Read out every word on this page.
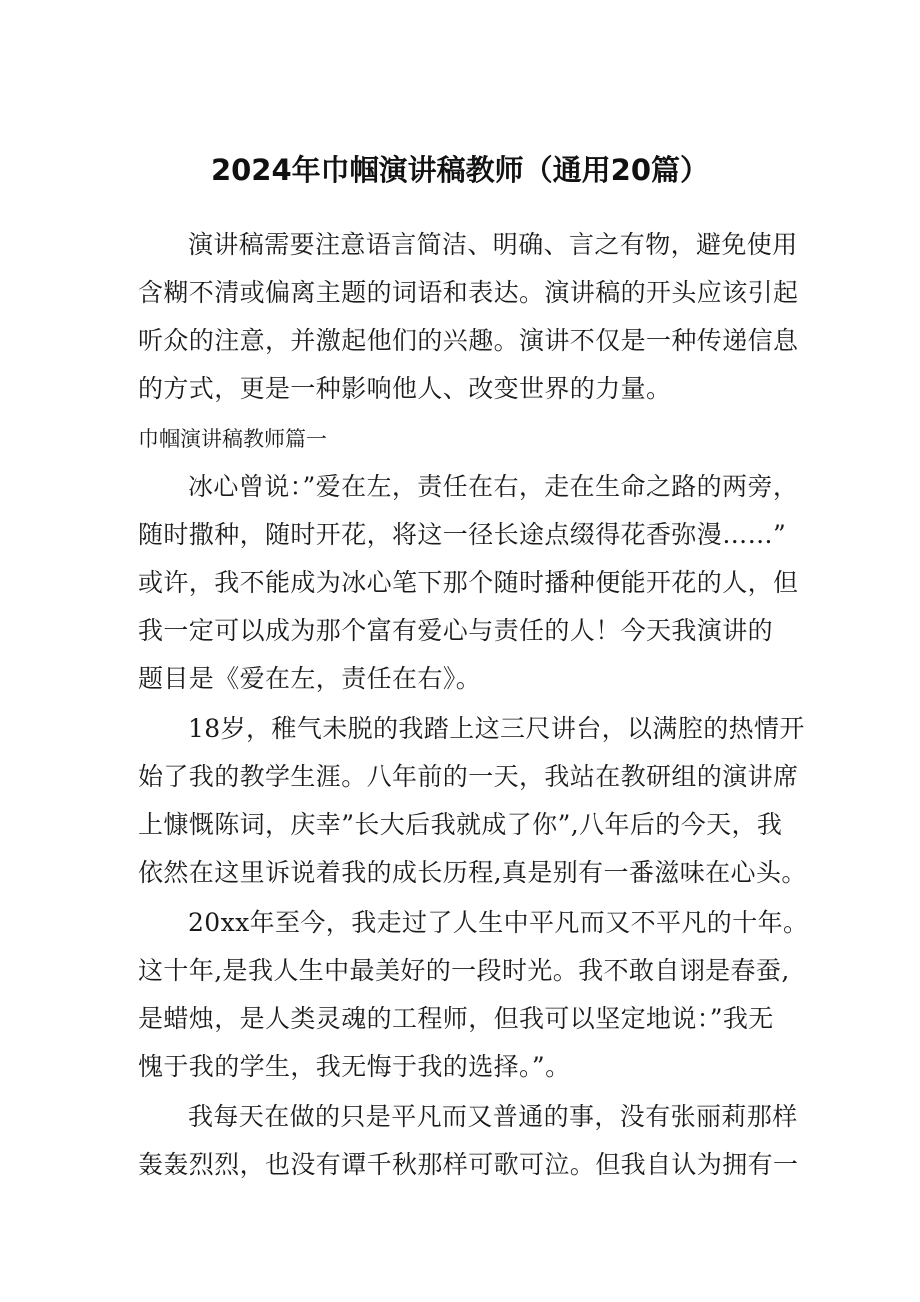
2024年巾帼演讲稿教师（通用20篇）
演讲稿需要注意语言简洁、明确、言之有物，避免使用
含糊不清或偏离主题的词语和表达。演讲稿的开头应该引起
听众的注意，并激起他们的兴趣。演讲不仅是一种传递信息
的方式，更是一种影响他人、改变世界的力量。
巾帼演讲稿教师篇一
冰心曾说：”爱在左，责任在右，走在生命之路的两旁，
随时撒种，随时开花，将这一径长途点缀得花香弥漫……”
或许，我不能成为冰心笔下那个随时播种便能开花的人，但
我一定可以成为那个富有爱心与责任的人！今天我演讲的
题目是《爱在左，责任在右》。
18岁，稚气未脱的我踏上这三尺讲台，以满腔的热情开
始了我的教学生涯。八年前的一天，我站在教研组的演讲席
上慷慨陈词，庆幸”长大后我就成了你”,八年后的今天，我
依然在这里诉说着我的成长历程,真是别有一番滋味在心头。
20xx年至今，我走过了人生中平凡而又不平凡的十年。
这十年,是我人生中最美好的一段时光。我不敢自诩是春蚕,
是蜡烛，是人类灵魂的工程师，但我可以坚定地说：”我无
愧于我的学生，我无悔于我的选择。”。
我每天在做的只是平凡而又普通的事，没有张丽莉那样
轰轰烈烈，也没有谭千秋那样可歌可泣。但我自认为拥有一
